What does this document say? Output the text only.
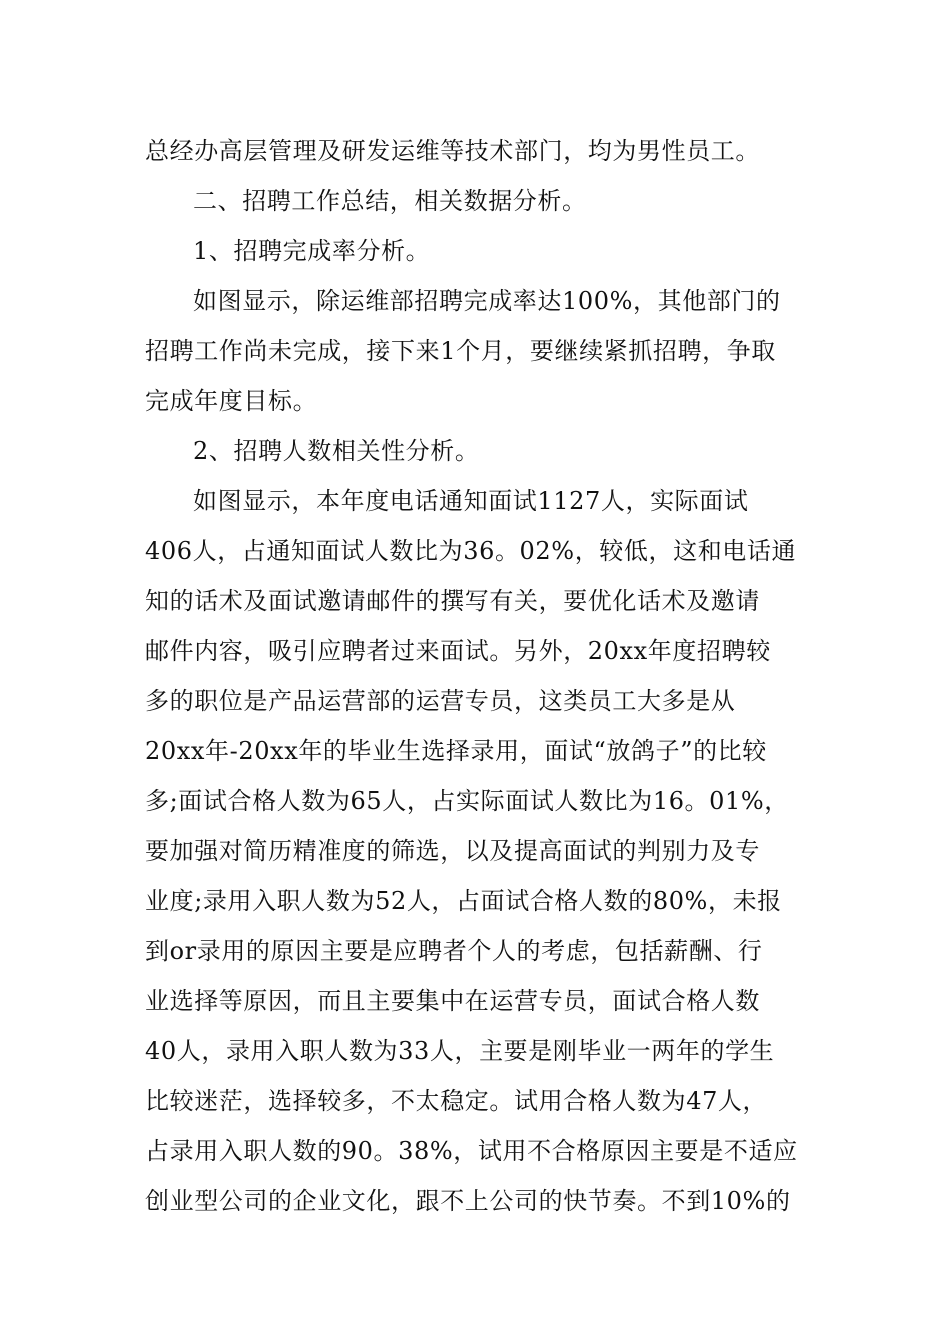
总经办高层管理及研发运维等技术部门，均为男性员工。
二、招聘工作总结，相关数据分析。
1、招聘完成率分析。
如图显示，除运维部招聘完成率达100%，其他部门的
招聘工作尚未完成，接下来1个月，要继续紧抓招聘，争取
完成年度目标。
2、招聘人数相关性分析。
如图显示，本年度电话通知面试1127人，实际面试
406人，占通知面试人数比为36。02%，较低，这和电话通
知的话术及面试邀请邮件的撰写有关，要优化话术及邀请
邮件内容，吸引应聘者过来面试。另外，20xx年度招聘较
多的职位是产品运营部的运营专员，这类员工大多是从
20xx年-20xx年的毕业生选择录用，面试“放鸽子”的比较
多;面试合格人数为65人，占实际面试人数比为16。01%，
要加强对简历精准度的筛选，以及提高面试的判别力及专
业度;录用入职人数为52人，占面试合格人数的80%，未报
到or录用的原因主要是应聘者个人的考虑，包括薪酬、行
业选择等原因，而且主要集中在运营专员，面试合格人数
40人，录用入职人数为33人，主要是刚毕业一两年的学生
比较迷茫，选择较多，不太稳定。试用合格人数为47人，
占录用入职人数的90。38%，试用不合格原因主要是不适应
创业型公司的企业文化，跟不上公司的快节奏。不到10%的
